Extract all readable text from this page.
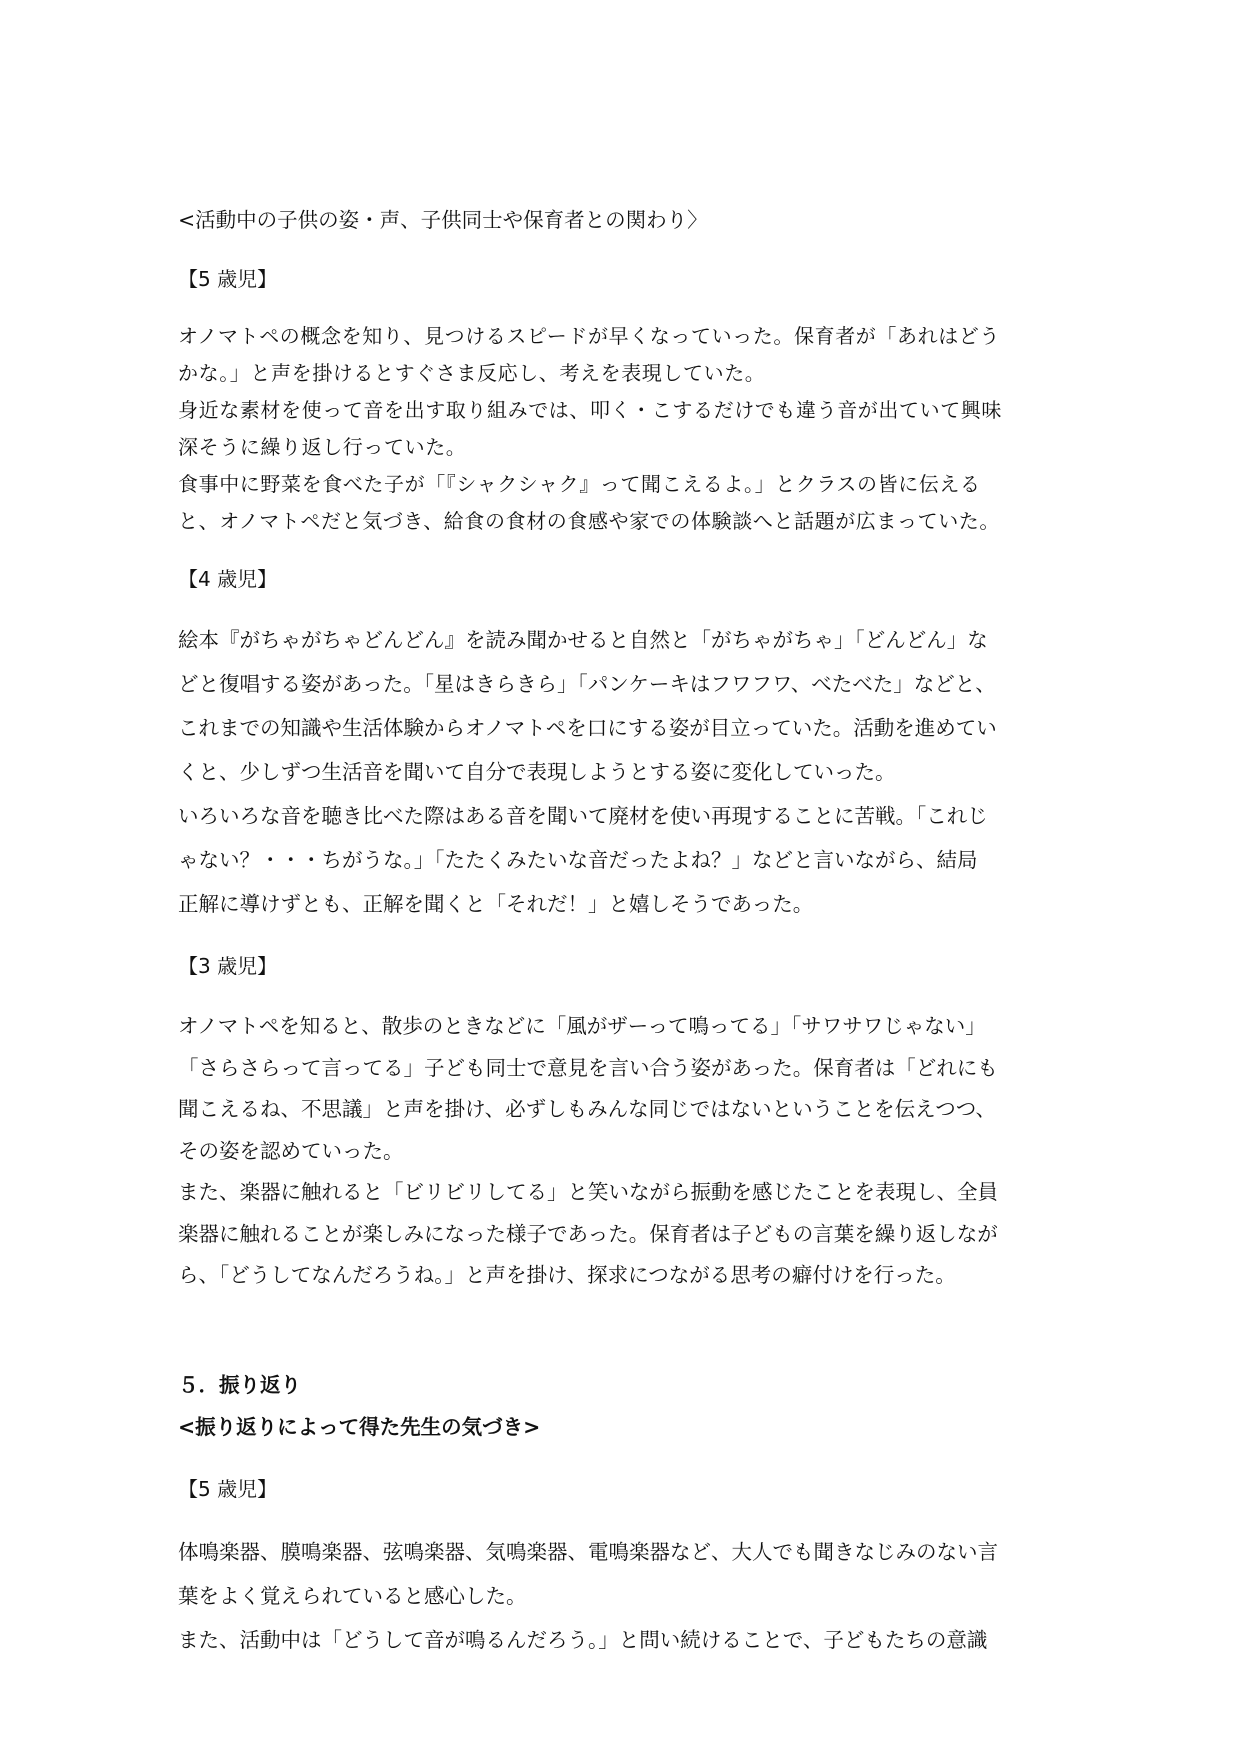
<活動中の子供の姿・声、子供同士や保育者との関わり〉

【5 歳児】

オノマトペの概念を知り、見つけるスピードが早くなっていった。保育者が「あれはどう

かな。」と声を掛けるとすぐさま反応し、考えを表現していた。

身近な素材を使って音を出す取り組みでは、叩く・こするだけでも違う音が出ていて興味

深そうに繰り返し行っていた。

食事中に野菜を食べた子が「『シャクシャク』って聞こえるよ。」とクラスの皆に伝える

と、オノマトペだと気づき、給食の食材の食感や家での体験談へと話題が広まっていた。

【4 歳児】

絵本『がちゃがちゃどんどん』を読み聞かせると自然と「がちゃがちゃ」「どんどん」な

どと復唱する姿があった。「星はきらきら」「パンケーキはフワフワ、べたべた」などと、

これまでの知識や生活体験からオノマトペを口にする姿が目立っていた。活動を進めてい

くと、少しずつ生活音を聞いて自分で表現しようとする姿に変化していった。

いろいろな音を聴き比べた際はある音を聞いて廃材を使い再現することに苦戦。「これじ

ゃない？・・・ちがうな。」「たたくみたいな音だったよね？」などと言いながら、結局

正解に導けずとも、正解を聞くと「それだ！」と嬉しそうであった。

【3 歳児】

オノマトペを知ると、散歩のときなどに「風がザーって鳴ってる」「サワサワじゃない」

「さらさらって言ってる」子ども同士で意見を言い合う姿があった。保育者は「どれにも

聞こえるね、不思議」と声を掛け、必ずしもみんな同じではないということを伝えつつ、

その姿を認めていった。

また、楽器に触れると「ビリビリしてる」と笑いながら振動を感じたことを表現し、全員

楽器に触れることが楽しみになった様子であった。保育者は子どもの言葉を繰り返しなが

ら、「どうしてなんだろうね。」と声を掛け、探求につながる思考の癖付けを行った。

５．振り返り

<振り返りによって得た先生の気づき>

【5 歳児】

体鳴楽器、膜鳴楽器、弦鳴楽器、気鳴楽器、電鳴楽器など、大人でも聞きなじみのない言

葉をよく覚えられていると感心した。

また、活動中は「どうして音が鳴るんだろう。」と問い続けることで、子どもたちの意識
